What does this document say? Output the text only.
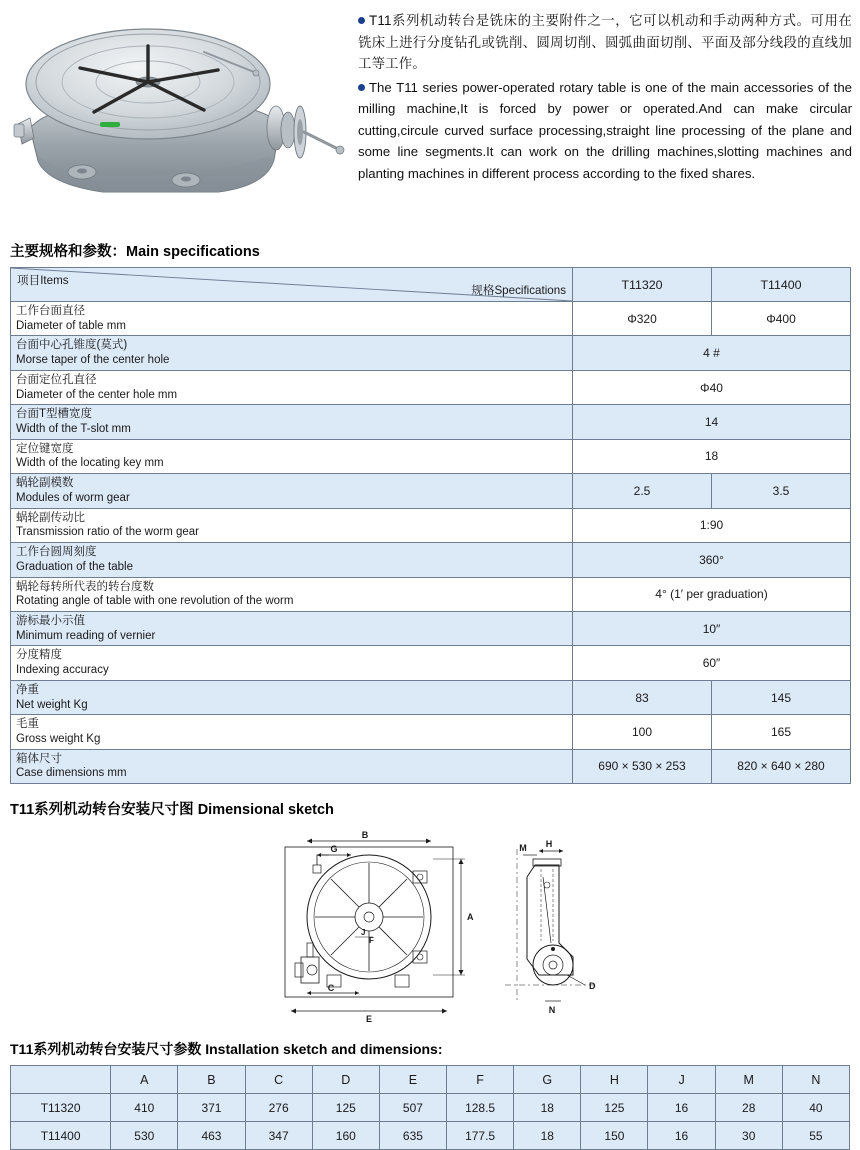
T11系列机动转台是铣床的主要附件之一，它可以机动和手动两种方式。可用在铣床上进行分度钻孔或铣削、圆周切削、圆弧曲面切削、平面及部分线段的直线加工等工作。

The T11 series power-operated rotary table is one of the main accessories of the milling machine,It is forced by power or operated.And can make circular cutting,circule curved surface processing,straight line processing of the plane and some line segments.It can work on the drilling machines,slotting machines and planting machines in different process according to the fixed shares.

主要规格和参数：Main specifications
项目Items
规格Specifications	T11320	T11400

工作台面直径
Diameter of table mm	Φ320	Φ400

台面中心孔锥度(莫式)
Morse taper of the center hole	4 #	

台面定位孔直径
Diameter of the center hole mm	Φ40	

台面T型槽宽度
Width of the T-slot mm	14	

定位键宽度
Width of the locating key mm	18	

蜗轮副模数
Modules of worm gear	2.5	3.5

蜗轮副传动比
Transmission ratio of the worm gear	1:90	

工作台圆周刻度
Graduation of the table	360°	

蜗轮每转所代表的转台度数
Rotating angle of table with one revolution of the worm	4° (1′ per graduation)	

游标最小示值
Minimum reading of vernier	10″	

分度精度
Indexing accuracy	60″	

净重
Net weight Kg	83	145

毛重
Gross weight Kg	100	165

箱体尺寸
Case dimensions mm	690 × 530 × 253	820 × 640 × 280
T11系列机动转台安装尺寸图 Dimensional sketch
B
G
A
J
F
C
E
M H
D
N
T11系列机动转台安装尺寸参数 Installation sketch and dimensions:
	A	B	C	D	E	F	G	H	J	M	N
T11320	410	371	276	125	507	128.5	18	125	16	28	40
T11400	530	463	347	160	635	177.5	18	150	16	30	55
